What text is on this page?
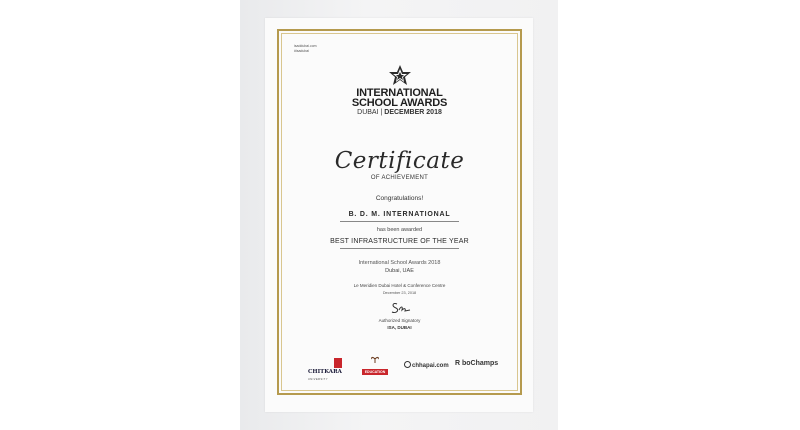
isaddubai.com
#isadubai
INTERNATIONAL
SCHOOL AWARDS
DUBAI | DECEMBER 2018
Certificate
OF ACHIEVEMENT
Congratulations!
B. D. M. INTERNATIONAL
has been awarded
BEST INFRASTRUCTURE OF THE YEAR
International School Awards 2018
Dubai, UAE
Le Meridien Dubai Hotel & Conference Centre
December 23, 2018
Authorized Signatory
ISA, DUBAI
CHITKARA
UNIVERSITY
EDUCATION
chhapai.com R boChamps
